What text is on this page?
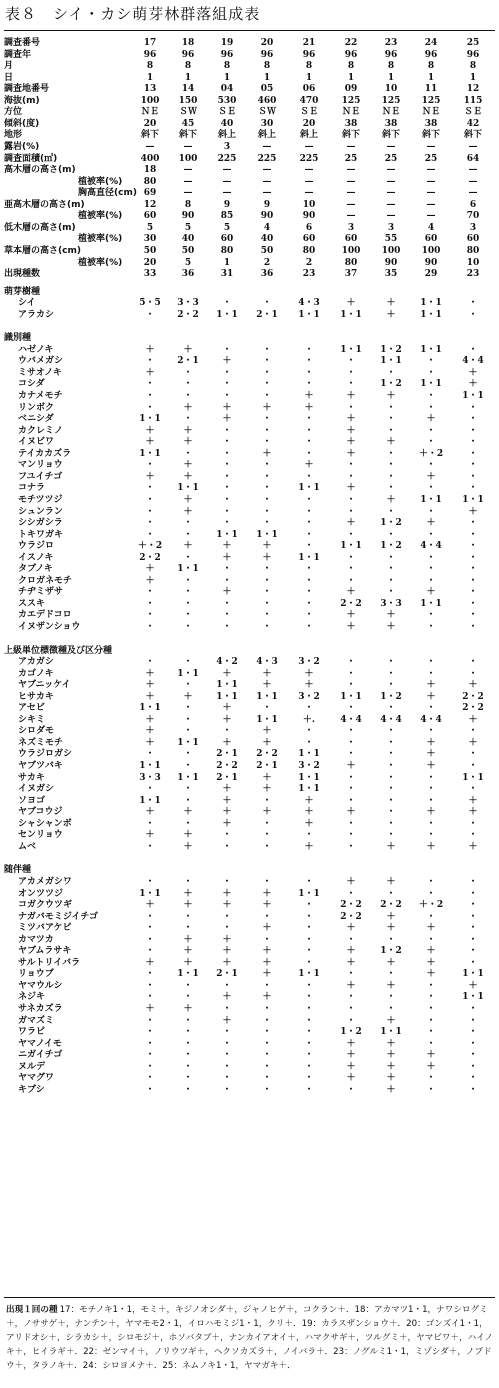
表８　シイ・カシ萌芽林群落組成表
調査番号	17	18	19	20	21	22	23	24	25
調査年	96	96	96	96	96	96	96	96	96
月	8	8	8	8	8	8	8	8	8
日	1	1	1	1	1	1	1	1	1
調査地番号	13	14	04	05	06	09	10	11	12
海抜(m)	100	150	530	460	470	125	125	125	115
方位	ＮＥ	ＳＷ	ＳＥ	ＳＷ	ＳＥ	ＮＥ	ＮＥ	ＮＥ	ＳＥ
傾斜(度)	20	45	40	30	20	38	38	38	42
地形	斜下	斜下	斜上	斜上	斜上	斜下	斜下	斜下	斜下
露岩(%)	—	—	3	—	—	—	—	—	—
調査面積(㎡)	400	100	225	225	225	25	25	25	64
高木層の高さ(m)	18	—	—	—	—	—	—	—	—
植被率(%)	80	—	—	—	—	—	—	—	—
胸高直径(cm) 69	—	—	—	—	—	—	—	—
亜高木層の高さ(m)	12	8	9	9	10	—	—	—	6
植被率(%)	60	90	85	90	90	—	—	—	70
低木層の高さ(m)	5	5	5	4	6	3	3	4	3
植被率(%)	30	40	60	40	60	60	55	60	60
草本層の高さ(cm)	50	50	80	50	80	100	100	100	80
植被率(%)	20	5	1	2	2	80	90	90	10
出現種数	33	36	31	36	23	37	35	29	23
萌芽樹種
シイ	5・5	3・3	・	・	4・3	＋	＋	1・1	・
アラカシ	・	2・2	1・1	2・1	1・1	1・1	＋	1・1	・
識別種
ハゼノキ	＋	＋	・	・	・	1・1	1・2	1・1	・
ウバメガシ	・	2・1	＋	・	・	・	1・1	・	4・4
ミサオノキ	＋	・	・	・	・	・	・	・	＋
コシダ	・	・	・	・	・	・	1・2	1・1	＋
カナメモチ	・	・	・	・	＋	＋	＋	・	1・1
リンボク	・	＋	＋	＋	＋	・	・	・	・
ベニシダ	1・1	・	＋	・	・	＋	・	＋	・
カクレミノ	＋	＋	・	・	・	＋	・	・	・
イヌビワ	＋	＋	・	・	・	＋	＋	・	・
テイカカズラ	1・1	・	・	＋	・	＋	・	＋・2	・
マンリョウ	・	＋	・	・	＋	・	・	・	・
フユイチゴ	＋	＋	・	・	・	・	・	＋	・
コナラ	・	1・1	・	・	1・1	＋	・	・	・
モチツツジ	・	＋	・	・	・	・	＋	1・1	1・1
シュンラン	・	＋	・	・	・	・	・	・	＋
シシガシラ	・	・	・	・	・	＋	1・2	＋	・
トキワガキ	・	・	1・1	1・1	・	・	・	・	・
ウラジロ	＋・2	＋	＋	＋	・	1・1	1・2	4・4	・
イスノキ	2・2	・	＋	＋	1・1	・	・	・	・
タブノキ	＋	1・1	・	・	・	・	・	・	・
クロガネモチ	＋	・	・	・	・	・	・	・	・
チヂミザサ	・	・	＋	・	・	＋	・	＋	・
ススキ	・	・	・	・	・	2・2	3・3	1・1	・
カエデドコロ	・	・	・	・	・	＋	＋	・	・
イヌザンショウ	・	・	・	・	・	＋	＋	・	・
上級単位標徴種及び区分種
アカガシ	・	・	4・2	4・3	3・2	・	・	・	・
カゴノキ	＋	1・1	＋	＋	＋	・	・	・	・
ヤブニッケイ	＋	・	1・1	＋	＋	・	・	＋	＋
ヒサカキ	＋	＋	1・1	1・1	3・2	1・1	1・2	＋	2・2
アセビ	1・1	・	＋	・	・	・	・	・	2・2
シキミ	＋	・	＋	1・1	＋.	4・4	4・4	4・4	＋
シロダモ	＋	・	・	＋	・	・	・	・	・
ネズミモチ	＋	1・1	＋	＋	・	・	・	＋	＋
ウラジロガシ	・	・	2・1	2・2	1・1	・	・	＋	・
ヤブツバキ	1・1	・	2・2	2・1	3・2	＋	・	＋	・
サカキ	3・3	1・1	2・1	＋	1・1	・	・	・	1・1
イヌガシ	・	・	＋	＋	1・1	・	・	・	・
ソヨゴ	1・1	・	＋	・	＋	・	・	・	＋
ヤブコウジ	＋	＋	＋	＋	＋	＋	・	＋	＋
シャシャンボ	・	・	＋	・	＋	・	・	・	・
センリョウ	＋	＋	・	・	・	・	・	・	・
ムベ	・	＋	・	・	＋	・	＋	＋	＋
随伴種
アカメガシワ	・	・	・	・	・	＋	＋	・	・
オンツツジ	1・1	＋	＋	＋	1・1	・	・	・	・
コガクウツギ	＋	＋	＋	＋	・	2・2	2・2	＋・2	・
ナガバモミジイチゴ	・	・	・	・	・	2・2	＋	・	・
ミツバアケビ	・	・	・	＋	・	＋	＋	＋	・
カマツカ	・	＋	＋	・	・	・	・	・	・
ヤブムラサキ	・	＋	＋	＋	・	＋	1・2	＋	・
サルトリイバラ	＋	＋	＋	＋	・	＋	＋	＋	・
リョウブ	・	1・1	2・1	＋	1・1	・	・	＋	1・1
ヤマウルシ	・	・	・	・	・	＋	＋	・	＋
ネジキ	・	・	＋	＋	・	・	・	・	1・1
サネカズラ	＋	＋	・	・	・	・	・	・	・
ガマズミ	・	・	＋	・	・	・	＋	・	・
ワラビ	・	・	・	・	・	1・2	1・1	・	・
ヤマノイモ	・	・	・	・	・	＋	＋	・	・
ニガイチゴ	・	・	・	・	・	＋	＋	＋	・
ヌルデ	・	・	・	・	・	＋	＋	＋	・
ヤマグワ	・	・	・	・	・	＋	＋	・	・
キブシ	・	・	・	・	・	・	＋	・	・
出現１回の種 17：モチノキ1・1，モミ＋，キジノオシダ＋，ジャノヒゲ＋，コクラン＋．18：アカマツ1・1，ナワシログミ＋，ノササゲ＋，ナンテン＋，ヤマモモ2・1，イロハモミジ1・1，クリ＋．19：カラスザンショウ＋．20：ゴンズイ1・1，アリドオシ＋，シラカシ＋，シロモジ＋，ホソバタブ＋，ナンカイアオイ＋，ハマクサギ＋，ツルグミ＋，ヤマビワ＋，ハイノキ＋，ヒイラギ＋．22：ゼンマイ＋，ノリウツギ＋，ヘクソカズラ＋，ノイバラ＋．23：ノグルミ1・1，ミゾシダ＋，ノブドウ＋，タラノキ＋．24：シロヨメナ＋．25：ネムノキ1・1，ヤマガキ＋．
